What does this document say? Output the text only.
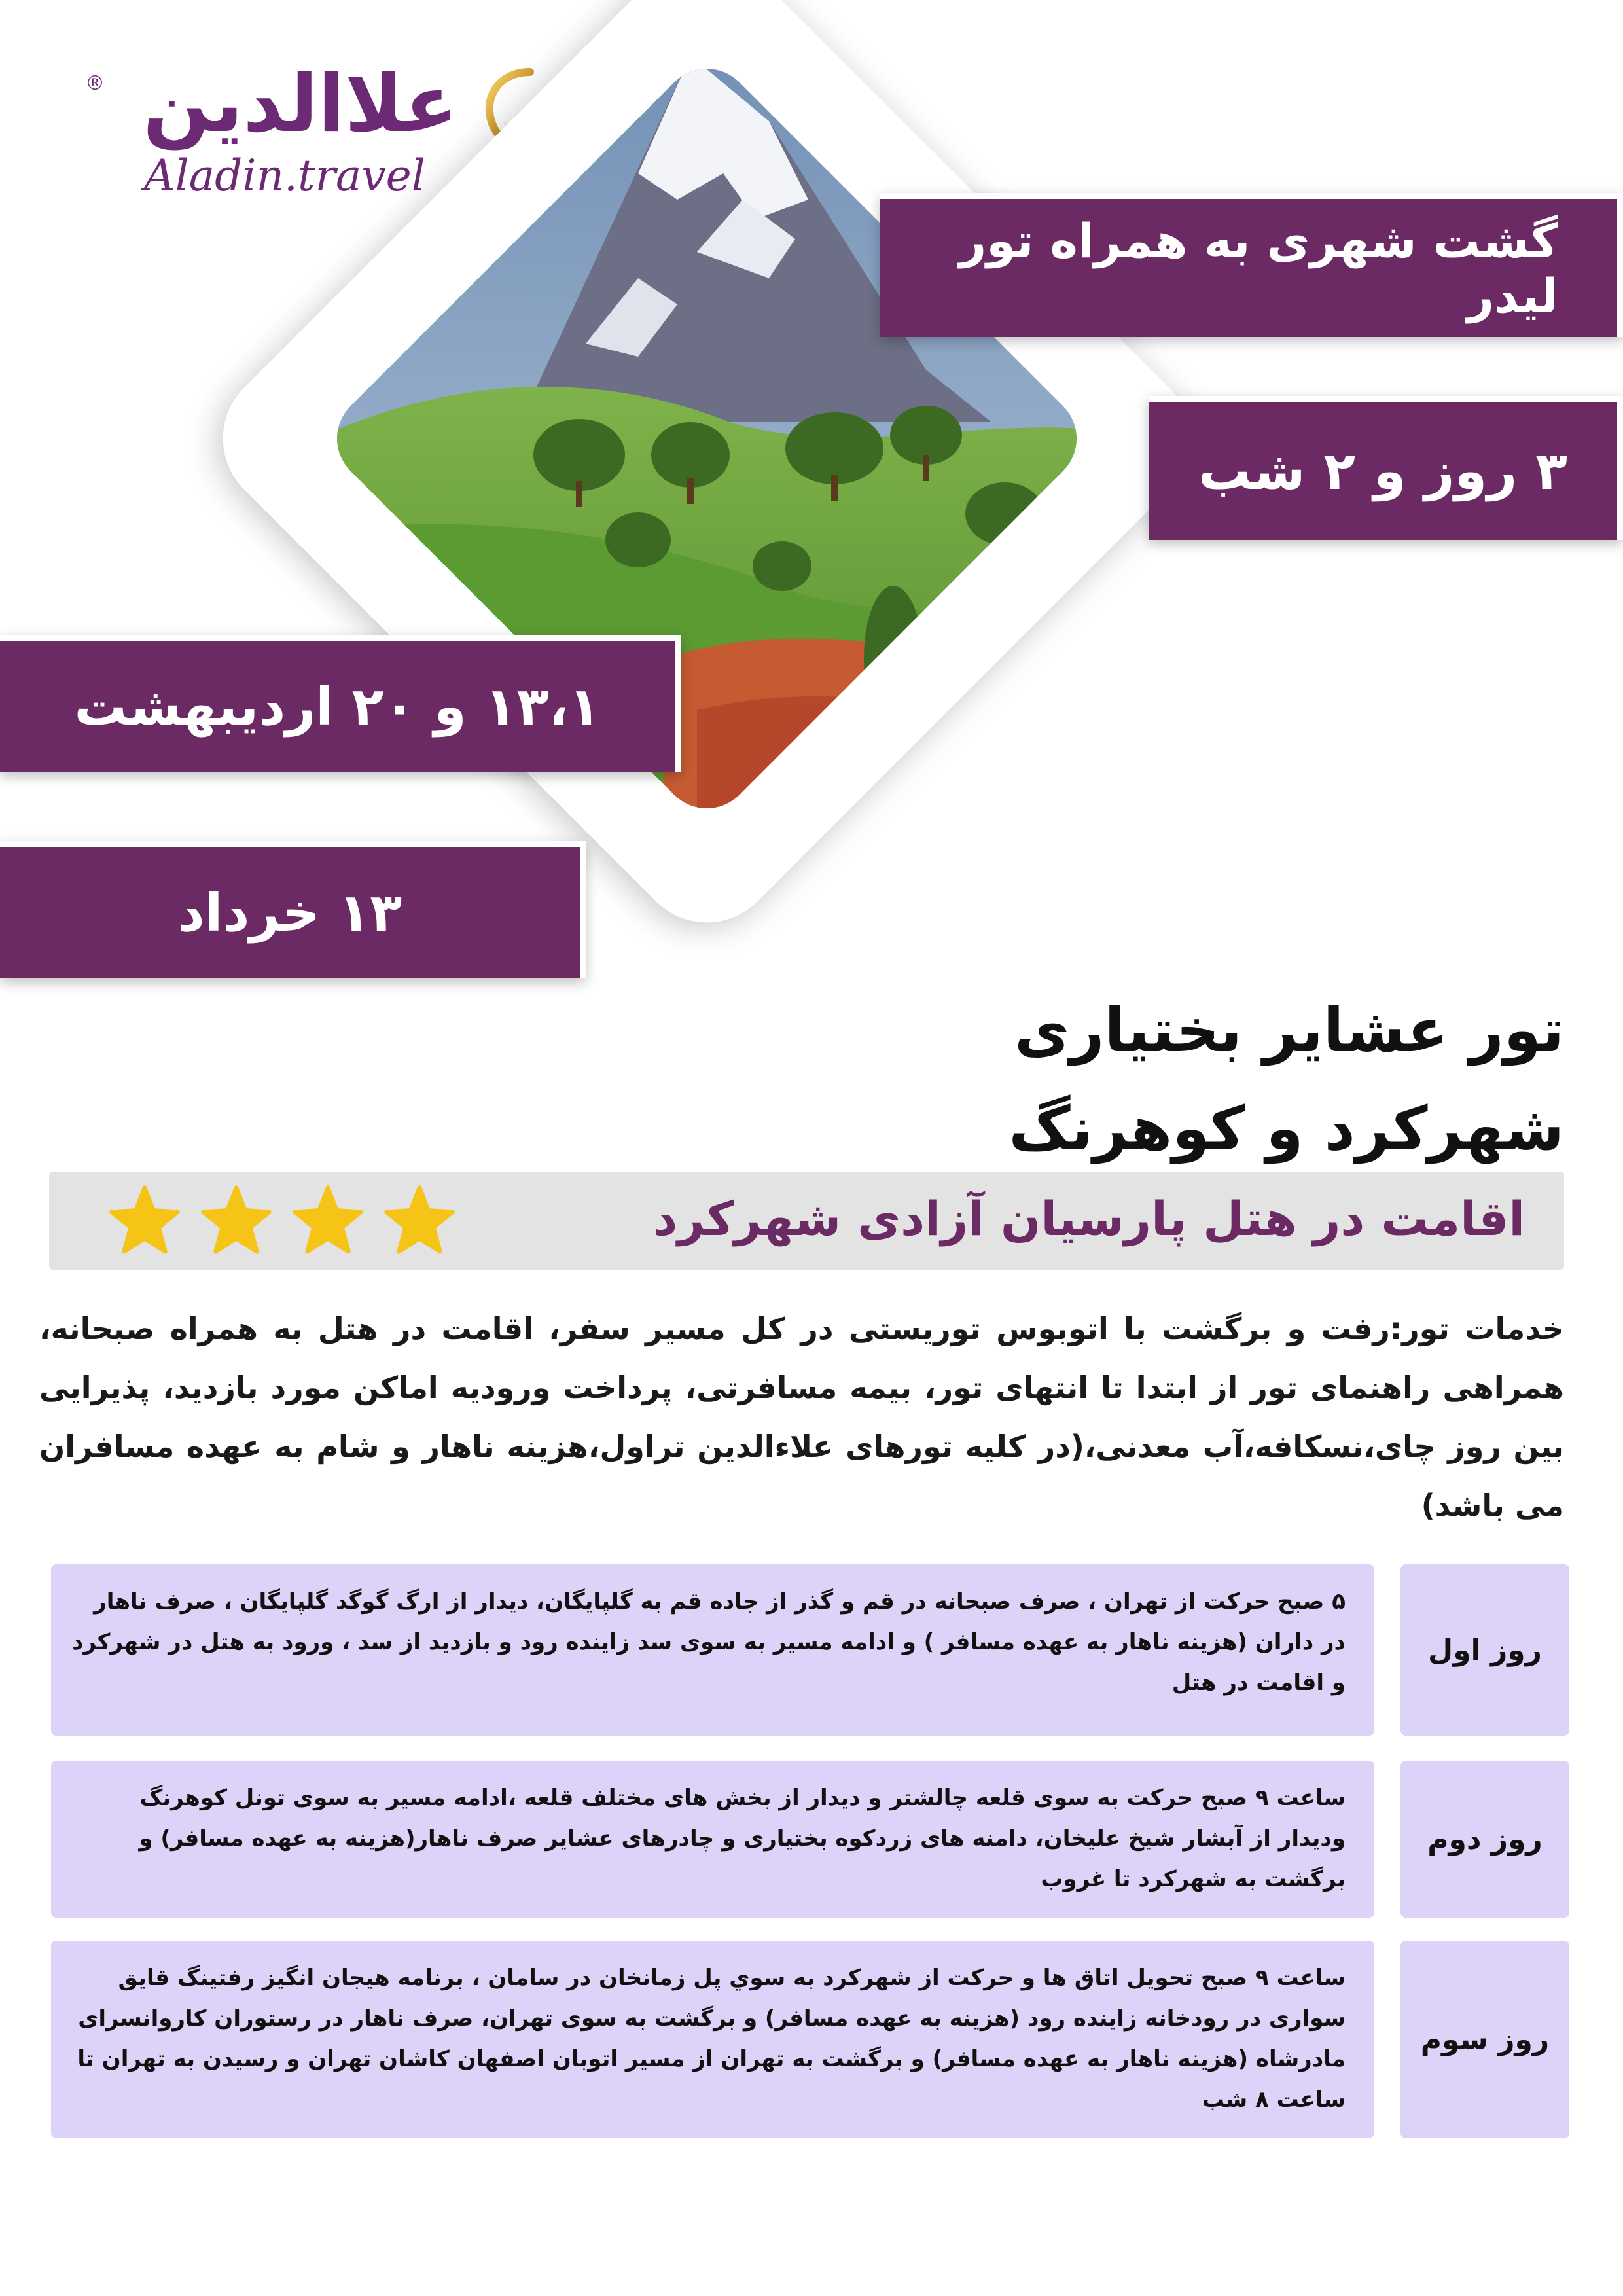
® علاالدین
Aladin.travel
گشت شهری به همراه تور لیدر
۳ روز و ۲ شب
۱۳،۱ و ۲۰ اردیبهشت
۱۳ خرداد
تور عشایر بختیاری
شهرکرد و کوهرنگ
اقامت در هتل پارسیان آزادی شهرکرد

خدمات تور:رفت و برگشت با اتوبوس توریستی در کل مسیر سفر، اقامت در هتل به همراه صبحانه، همراهی راهنمای تور از ابتدا تا انتهای تور، بیمه مسافرتی، پرداخت ورودیه اماکن مورد بازدید، پذیرایی بین روز چای،نسکافه،آب معدنی،(در کلیه تورهای علاءالدین تراول،هزینه ناهار و شام به عهده مسافران می باشد)

۵ صبح حرکت از تهران ، صرف صبحانه در قم و گذر از جاده قم به گلپایگان، دیدار از ارگ گوگد گلپایگان ، صرف ناهار در داران (هزینه ناهار به عهده مسافر ) و ادامه مسیر به سوی سد زاینده رود و بازدید از سد ، ورود به هتل در شهرکرد و اقامت در هتل
روز اول
ساعت ۹ صبح حرکت به سوی قلعه چالشتر و دیدار از بخش های مختلف قلعه ،ادامه مسیر به سوی تونل کوهرنگ ودیدار از آبشار شیخ علیخان، دامنه های زردکوه بختیاری و چادرهای عشایر صرف ناهار(هزینه به عهده مسافر) و برگشت به شهرکرد تا غروب
روز دوم
ساعت ۹ صبح تحویل اتاق ها و حرکت از شهرکرد به سوي پل زمانخان در سامان ، برنامه هیجان انگیز رفتینگ قایق سواری در رودخانه زاینده رود (هزینه به عهده مسافر) و برگشت به سوی تهران، صرف ناهار در رستوران کاروانسرای مادرشاه (هزینه ناهار به عهده مسافر) و برگشت به تهران از مسیر اتوبان اصفهان کاشان تهران و رسیدن به تهران تا ساعت ۸ شب
روز سوم
